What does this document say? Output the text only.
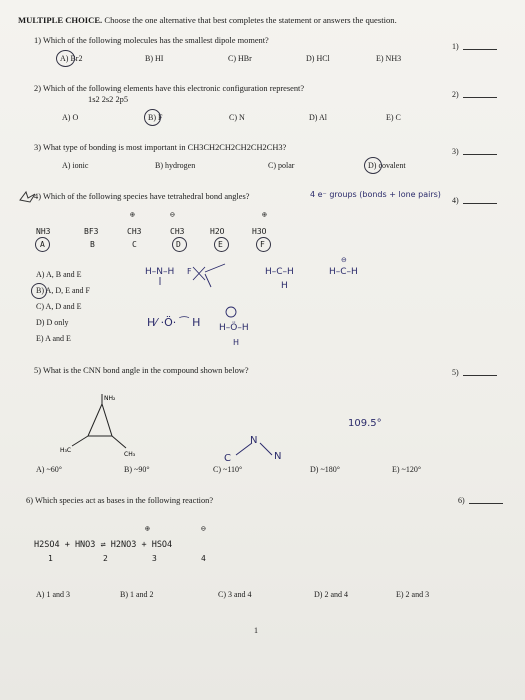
MULTIPLE CHOICE. Choose the one alternative that best completes the statement or answers the question.
1) Which of the following molecules has the smallest dipole moment?
A) Br2	B) HI	C) HBr	D) HCl	E) NH3
1)
2) Which of the following elements have this electronic configuration represent?
1s2 2s2 2p5
A) O	B) F	C) N	D) Al	E) C
2)
3) What type of bonding is most important in CH3CH2CH2CH2CH2CH3?
A) ionic	B) hydrogen	C) polar	D) covalent
3)
4) Which of the following species have tetrahedral bond angles?	4 e⁻ groups (bonds + lone pairs)
4)
⊕	⊖	⊕
NH3	BF3	CH3	CH3	H2O	H3O
A	B	C	D	E	F
A) A, B and E
B) A, D, E and F
C) A, D and E
D) D only
E) A and E
H–N–H F	H–C–H
H
H–C–H
⊖
H⁄ ·Ö· ⁀ H H–Ö–H
H
5) What is the CNN bond angle in the compound shown below?	5)
NH₂
H₃C
CH₃	C
N
N
109.5°
A) ~60°	B) ~90°	C) ~110°	D) ~180°	E) ~120°
6) Which species act as bases in the following reaction?	6)
⊕	⊖
H2SO4 + HNO3 ⇌ H2NO3 + HSO4
1	2	3	4
A) 1 and 3	B) 1 and 2	C) 3 and 4	D) 2 and 4	E) 2 and 3
1
